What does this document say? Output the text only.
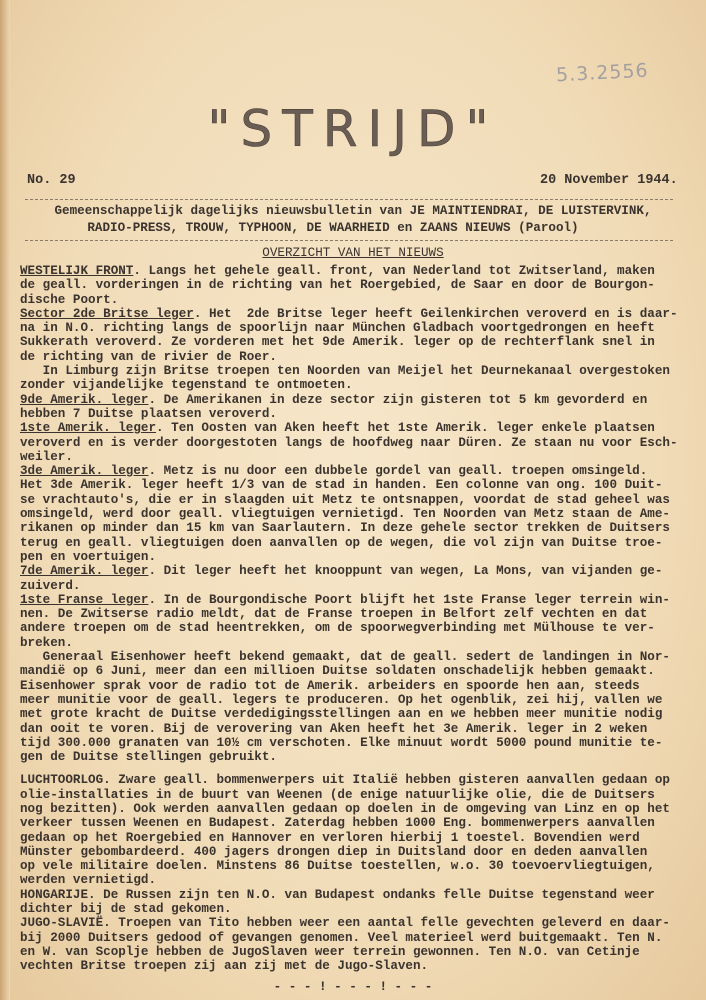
5.3.2556
"STRIJD"
No. 29	20 November 1944.
Gemeenschappelijk dagelijks nieuwsbulletin van JE MAINTIENDRAI, DE LUISTERVINK,
RADIO-PRESS, TROUW, TYPHOON, DE WAARHEID en ZAANS NIEUWS (Parool)
OVERZICHT VAN HET NIEUWS
WESTELIJK FRONT. Langs het gehele geall. front, van Nederland tot Zwitserland, maken
de geall. vorderingen in de richting van het Roergebied, de Saar en door de Bourgon-
dische Poort.
Sector 2de Britse leger. Het  2de Britse leger heeft Geilenkirchen veroverd en is daar-
na in N.O. richting langs de spoorlijn naar München Gladbach voortgedrongen en heeft
Sukkerath veroverd. Ze vorderen met het 9de Amerik. leger op de rechterflank snel in
de richting van de rivier de Roer.
In Limburg zijn Britse troepen ten Noorden van Meijel het Deurnekanaal overgestoken
zonder vijandelijke tegenstand te ontmoeten.
9de Amerik. leger. De Amerikanen in deze sector zijn gisteren tot 5 km gevorderd en
hebben 7 Duitse plaatsen veroverd.
1ste Amerik. leger. Ten Oosten van Aken heeft het 1ste Amerik. leger enkele plaatsen
veroverd en is verder doorgestoten langs de hoofdweg naar Düren. Ze staan nu voor Esch-
weiler.
3de Amerik. leger. Metz is nu door een dubbele gordel van geall. troepen omsingeld.
Het 3de Amerik. leger heeft 1/3 van de stad in handen. Een colonne van ong. 100 Duit-
se vrachtauto's, die er in slaagden uit Metz te ontsnappen, voordat de stad geheel was
omsingeld, werd door geall. vliegtuigen vernietigd. Ten Noorden van Metz staan de Ame-
rikanen op minder dan 15 km van Saarlautern. In deze gehele sector trekken de Duitsers
terug en geall. vliegtuigen doen aanvallen op de wegen, die vol zijn van Duitse troe-
pen en voertuigen.
7de Amerik. leger. Dit leger heeft het knooppunt van wegen, La Mons, van vijanden ge-
zuiverd.
1ste Franse leger. In de Bourgondische Poort blijft het 1ste Franse leger terrein win-
nen. De Zwitserse radio meldt, dat de Franse troepen in Belfort zelf vechten en dat
andere troepen om de stad heentrekken, om de spoorwegverbinding met Mülhouse te ver-
breken.
Generaal Eisenhower heeft bekend gemaakt, dat de geall. sedert de landingen in Nor-
mandië op 6 Juni, meer dan een millioen Duitse soldaten onschadelijk hebben gemaakt.
Eisenhower sprak voor de radio tot de Amerik. arbeiders en spoorde hen aan, steeds
meer munitie voor de geall. legers te produceren. Op het ogenblik, zei hij, vallen we
met grote kracht de Duitse verdedigingsstellingen aan en we hebben meer munitie nodig
dan ooit te voren. Bij de verovering van Aken heeft het 3e Amerik. leger in 2 weken
tijd 300.000 granaten van 10½ cm verschoten. Elke minuut wordt 5000 pound munitie te-
gen de Duitse stellingen gebruikt.
LUCHTOORLOG. Zware geall. bommenwerpers uit Italië hebben gisteren aanvallen gedaan op
olie-installaties in de buurt van Weenen (de enige natuurlijke olie, die de Duitsers
nog bezitten). Ook werden aanvallen gedaan op doelen in de omgeving van Linz en op het
verkeer tussen Weenen en Budapest. Zaterdag hebben 1000 Eng. bommenwerpers aanvallen
gedaan op het Roergebied en Hannover en verloren hierbij 1 toestel. Bovendien werd
Münster gebombardeerd. 400 jagers drongen diep in Duitsland door en deden aanvallen
op vele militaire doelen. Minstens 86 Duitse toestellen, w.o. 30 toevoervliegtuigen,
werden vernietigd.
HONGARIJE. De Russen zijn ten N.O. van Budapest ondanks felle Duitse tegenstand weer
dichter bij de stad gekomen.
JUGO-SLAVIË. Troepen van Tito hebben weer een aantal felle gevechten geleverd en daar-
bij 2000 Duitsers gedood of gevangen genomen. Veel materieel werd buitgemaakt. Ten N.
en W. van Scoplje hebben de JugoSlaven weer terrein gewonnen. Ten N.O. van Cetinje
vechten Britse troepen zij aan zij met de Jugo-Slaven.
- - - ! - - - ! - - -
